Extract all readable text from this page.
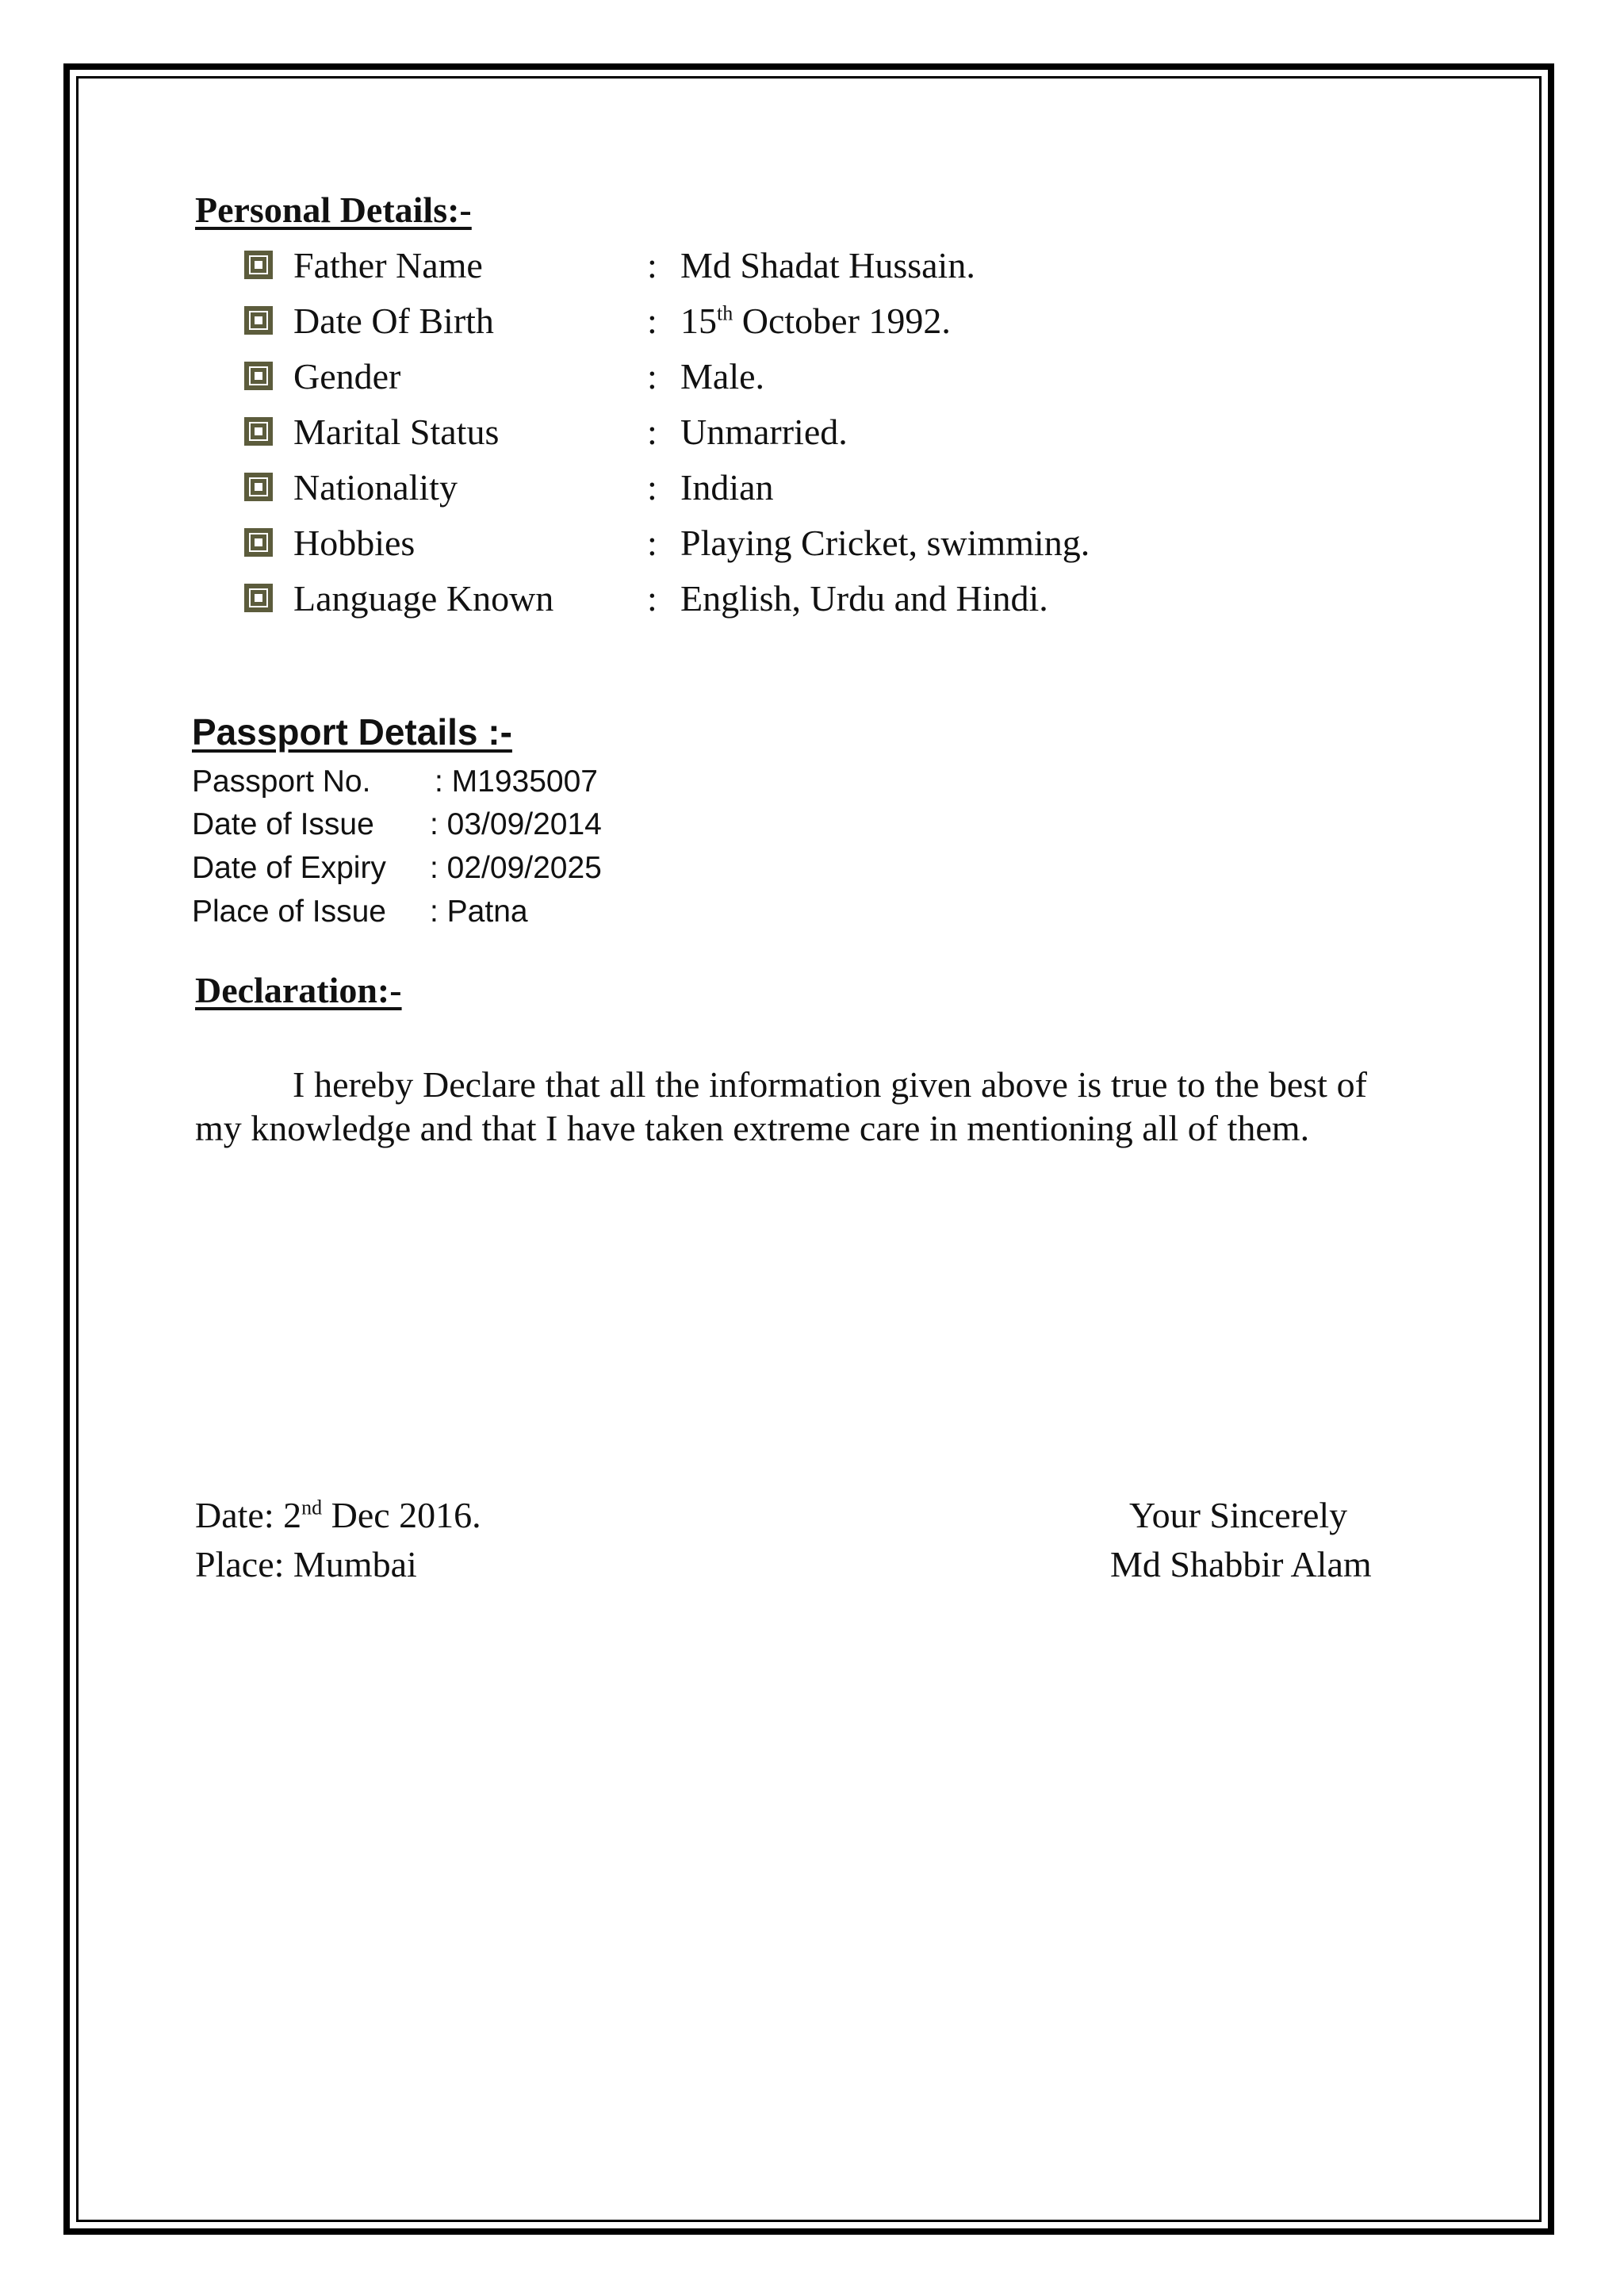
Personal Details:-
Father Name	: Md Shadat Hussain.
Date Of Birth	: 15th October 1992.
Gender	: Male.
Marital Status	: Unmarried.
Nationality	: Indian
Hobbies	: Playing Cricket, swimming.
Language Known	: English, Urdu and Hindi.
Passport Details :-
Passport No. : M1935007
Date of Issue : 03/09/2014
Date of Expiry : 02/09/2025
Place of Issue : Patna
Declaration:-
I hereby Declare that all the information given above is true to the best of my knowledge and that I have taken extreme care in mentioning all of them.
Date: 2nd Dec 2016.
Place: Mumbai
Your Sincerely
Md Shabbir Alam
